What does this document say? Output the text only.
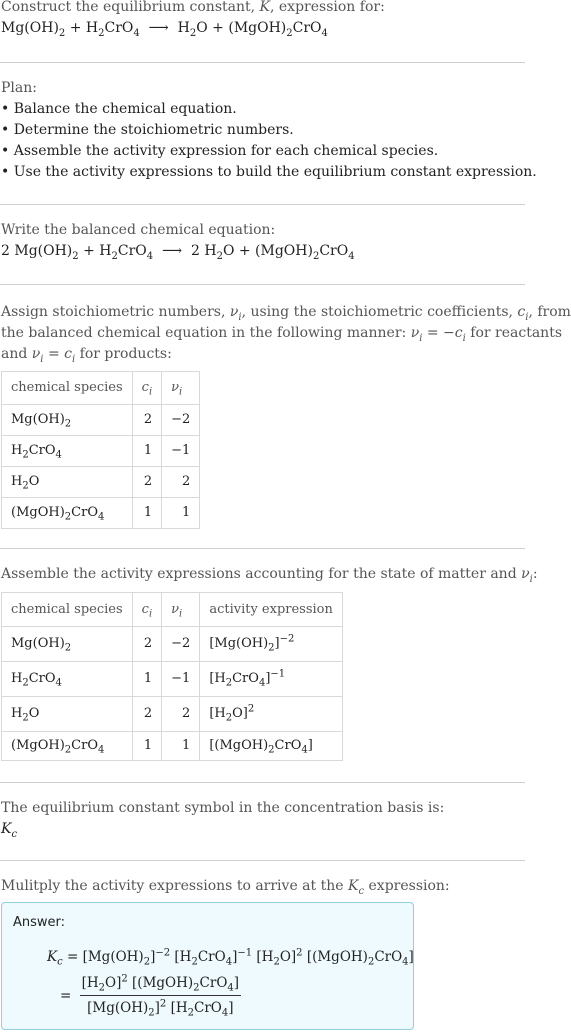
Construct the equilibrium constant, K, expression for:

$Mg(OH)_2 + H_2CrO_4$  ⟶  $H_2O$ + $(MgOH)_2CrO_4$

Plan:

• Balance the chemical equation.

• Determine the stoichiometric numbers.

• Assemble the activity expression for each chemical species.

• Use the activity expressions to build the equilibrium constant expression.

Write the balanced chemical equation:

2 $Mg(OH)_2 + H_2CrO_4$  ⟶  2 $H_2O$ + $(MgOH)_2CrO_4$

Assign stoichiometric numbers, $\nu_i$, using the stoichiometric coefficients, $c_i$, from

the balanced chemical equation in the following manner: $\nu_i = -c_i$ for reactants

and $\nu_i = c_i$ for products:

chemical species	$c_i$	$\nu_i$
$Mg(OH)_2$	2	−2
$H_2CrO_4$	1	−1
$H_2O$	2	2
$(MgOH)_2CrO_4$	1	1

Assemble the activity expressions accounting for the state of matter and $\nu_i$:

chemical species	$c_i$	$\nu_i$	activity expression
$Mg(OH)_2$	2	−2	$[Mg(OH)_2]^{-2}$
$H_2CrO_4$	1	−1	$[H_2CrO_4]^{-1}$
$H_2O$	2	2	$[H_2O]^2$
$(MgOH)_2CrO_4$	1	1	$[(MgOH)_2CrO_4]$

The equilibrium constant symbol in the concentration basis is:

$K_c$

Mulitply the activity expressions to arrive at the $K_c$ expression:

Answer:
$K_c = [Mg(OH)_2]^{-2}$ $[H_2CrO_4]^{-1}$ $[H_2O]^2$ $[(MgOH)_2CrO_4]$
= $\frac{[H_2O]^2 [(MgOH)_2CrO_4]}{[Mg(OH)_2]^2 [H_2CrO_4]}$
